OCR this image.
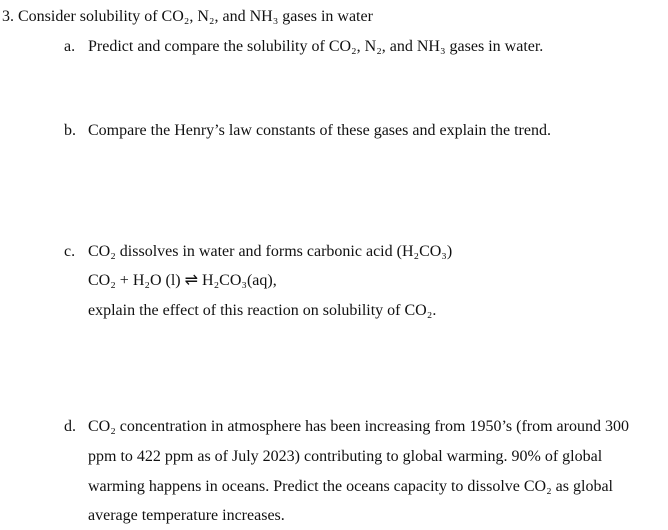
3. Consider solubility of CO₂, N₂, and NH₃ gases in water
a. Predict and compare the solubility of CO₂, N₂, and NH₃ gases in water.
b. Compare the Henry’s law constants of these gases and explain the trend.
c. CO₂ dissolves in water and forms carbonic acid (H₂CO₃)
CO₂ + H₂O (l) ⇌ H₂CO₃(aq),
explain the effect of this reaction on solubility of CO₂.
d. CO₂ concentration in atmosphere has been increasing from 1950’s (from around 300
ppm to 422 ppm as of July 2023) contributing to global warming. 90% of global
warming happens in oceans. Predict the oceans capacity to dissolve CO₂ as global
average temperature increases.
